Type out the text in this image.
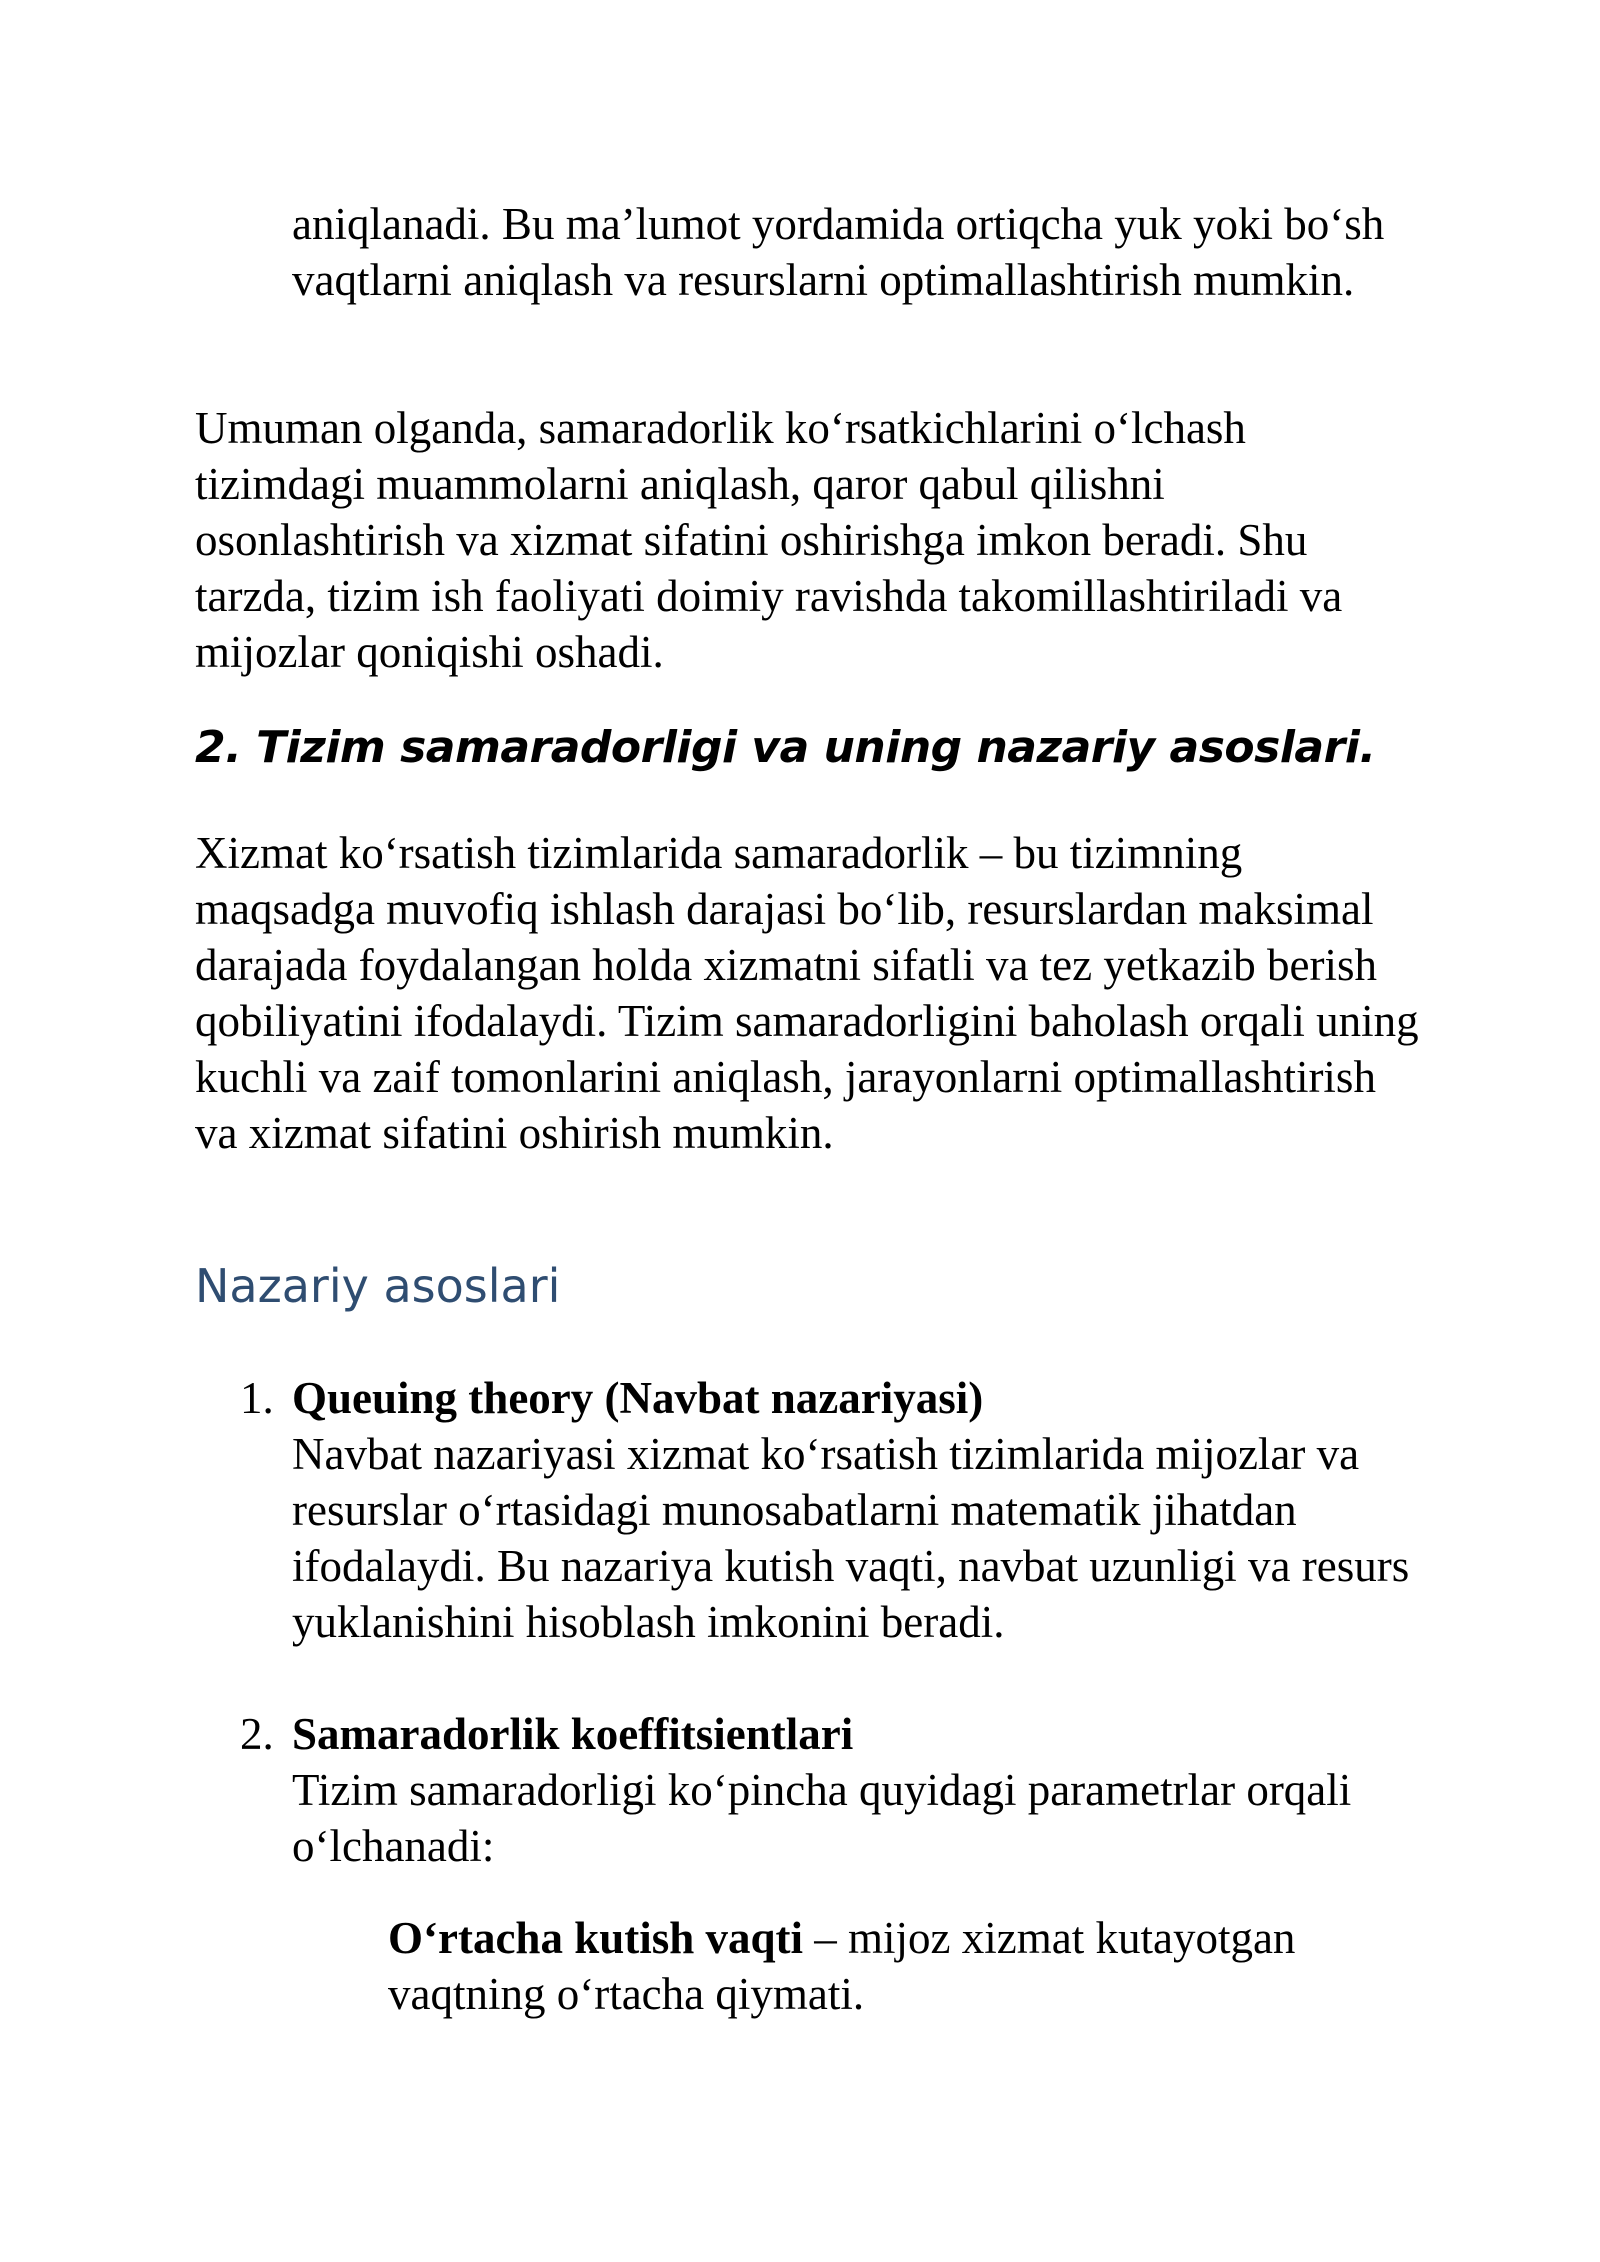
aniqlanadi. Bu ma’lumot yordamida ortiqcha yuk yoki bo‘sh vaqtlarni aniqlash va resurslarni optimallashtirish mumkin.

Umuman olganda, samaradorlik ko‘rsatkichlarini o‘lchash tizimdagi muammolarni aniqlash, qaror qabul qilishni osonlashtirish va xizmat sifatini oshirishga imkon beradi. Shu tarzda, tizim ish faoliyati doimiy ravishda takomillashtiriladi va mijozlar qoniqishi oshadi.

2. Tizim samaradorligi va uning nazariy asoslari.

Xizmat ko‘rsatish tizimlarida samaradorlik – bu tizimning maqsadga muvofiq ishlash darajasi bo‘lib, resurslardan maksimal darajada foydalangan holda xizmatni sifatli va tez yetkazib berish qobiliyatini ifodalaydi. Tizim samaradorligini baholash orqali uning kuchli va zaif tomonlarini aniqlash, jarayonlarni optimallashtirish va xizmat sifatini oshirish mumkin.

Nazariy asoslari
1. Queuing theory (Navbat nazariyasi)
Navbat nazariyasi xizmat ko‘rsatish tizimlarida mijozlar va resurslar o‘rtasidagi munosabatlarni matematik jihatdan ifodalaydi. Bu nazariya kutish vaqti, navbat uzunligi va resurs yuklanishini hisoblash imkonini beradi.
2. Samaradorlik koeffitsientlari
Tizim samaradorligi ko‘pincha quyidagi parametrlar orqali o‘lchanadi:

O‘rtacha kutish vaqti – mijoz xizmat kutayotgan vaqtning o‘rtacha qiymati.
